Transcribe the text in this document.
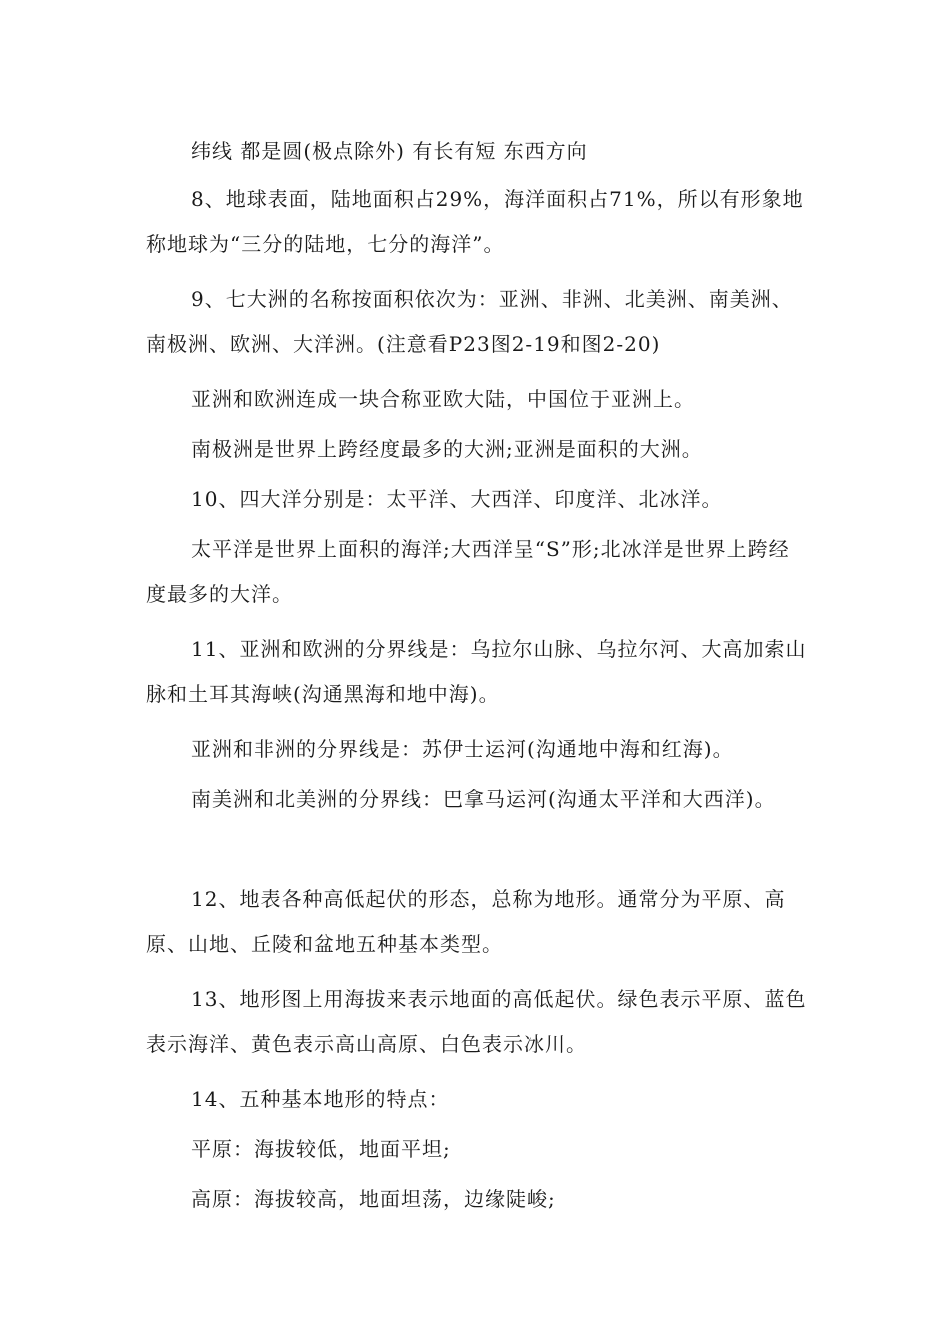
纬线 都是圆(极点除外) 有长有短 东西方向

8、地球表面，陆地面积占29%，海洋面积占71%，所以有形象地称地球为“三分的陆地，七分的海洋”。

9、七大洲的名称按面积依次为：亚洲、非洲、北美洲、南美洲、南极洲、欧洲、大洋洲。(注意看P23图2-19和图2-20)

亚洲和欧洲连成一块合称亚欧大陆，中国位于亚洲上。

南极洲是世界上跨经度最多的大洲;亚洲是面积的大洲。

10、四大洋分别是：太平洋、大西洋、印度洋、北冰洋。

太平洋是世界上面积的海洋;大西洋呈“S”形;北冰洋是世界上跨经度最多的大洋。

11、亚洲和欧洲的分界线是：乌拉尔山脉、乌拉尔河、大高加索山脉和土耳其海峡(沟通黑海和地中海)。

亚洲和非洲的分界线是：苏伊士运河(沟通地中海和红海)。

南美洲和北美洲的分界线：巴拿马运河(沟通太平洋和大西洋)。

12、地表各种高低起伏的形态，总称为地形。通常分为平原、高原、山地、丘陵和盆地五种基本类型。

13、地形图上用海拔来表示地面的高低起伏。绿色表示平原、蓝色表示海洋、黄色表示高山高原、白色表示冰川。

14、五种基本地形的特点：

平原：海拔较低，地面平坦;

高原：海拔较高，地面坦荡，边缘陡峻;
